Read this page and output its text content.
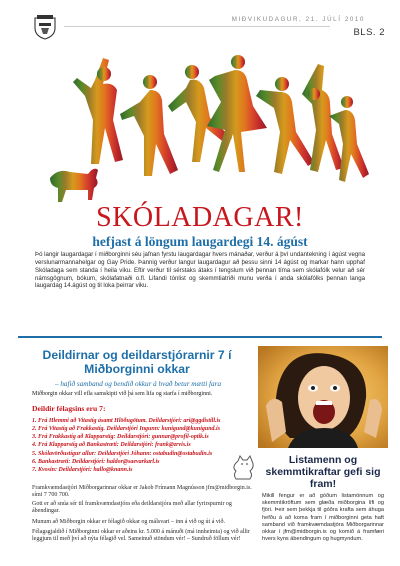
MIÐVIKUDAGUR, 21. JÚLÍ 2010
BLS. 2
SKÓLADAGAR!
hefjast á löngum laugardegi 14. ágúst
Þó langir laugardagar í miðborginni séu jafnan fyrstu laugardagar hvers mánaðar, verður á því undantekning í ágúst vegna verslunarmannahelgar og Gay Pride. Þannig verður langur laugardagur að þessu sinni 14 ágúst og markar hann upphaf Skóladaga sem standa í heila viku. Eftir verður til sérstaks átaks í tengslum við þennan tíma sem skólafólk velur að sér námsgögnum, bókum, skólafatnaði o.fl. Lifandi tónlist og skemmtiatriði munu verða í anda skólafólks þennan langa laugardag 14.ágúst og til loka þeirrar viku.
Deildirnar og deildarstjórarnir 7 í Miðborginni okkar
– hafið samband og bendið okkur á hvað betur mætti fara
Miðborgin okkar vill efla samskipti við þá sem lifa og starfa í miðborginni.
Deildir félagsins eru 7:
1. Frá Hlemmi að Vitastíg ásamt Hlöðugötum. Deildarstjóri: ari@ggdistill.is
2. Frá Vitastíg að Frakkastíg. Deildarstjóri Ingunn: kunigund@kunigund.is
3. Frá Frakkastíg að Klapparstíg: Deildarstjóri: gunnar@profil-optik.is
4. Frá Klapparstíg að Bankastræti: Deildarstjóri: frank@zrvis.is
5. Skólavörðustígur allur: Deildarstjóri Jóhann: ostabudin@ostabudin.is
6. Bankastræti: Deildarstjóri: haldor@saevarkarl.is
7. Kvosin: Deildarstjóri: hallo@knann.is
Framkvæmdastjóri Miðborgarinnar okkar er Jakob Frímann Magnússon jfm@midborgin.is. sími 7 700 700.
Gott er að snúa sér til framkvæmdastjóra eða deildarstjóra með allar fyrirspurnir og ábendingar.
Munum að Miðborgin okkar er félagið okkar og málsvari – inn á við og út á við.
Félagsgjaldið í Miðborginni okkar er aðeins kr. 5.000 á mánuði (má innheimta) og við allir leggjum til með því að nýta félagið vel. Sameinuð stöndum vér! – Sundruð föllum vér!
Listamenn og skemmtikraftar gefi sig fram!
Mikill fengur er að góðum listamönnum og skemmtikröftum sem glæða miðborgina lífi og fjöri. Þeir sem þekkja til góðra krafta sem áhuga hefðu á að koma fram í miðborginni geta haft samband við framkvæmdastjóra Miðborgarinnar okkar í jfm@midborgin.is og komið á framfæri hvers kyns ábendingum og hugmyndum.
